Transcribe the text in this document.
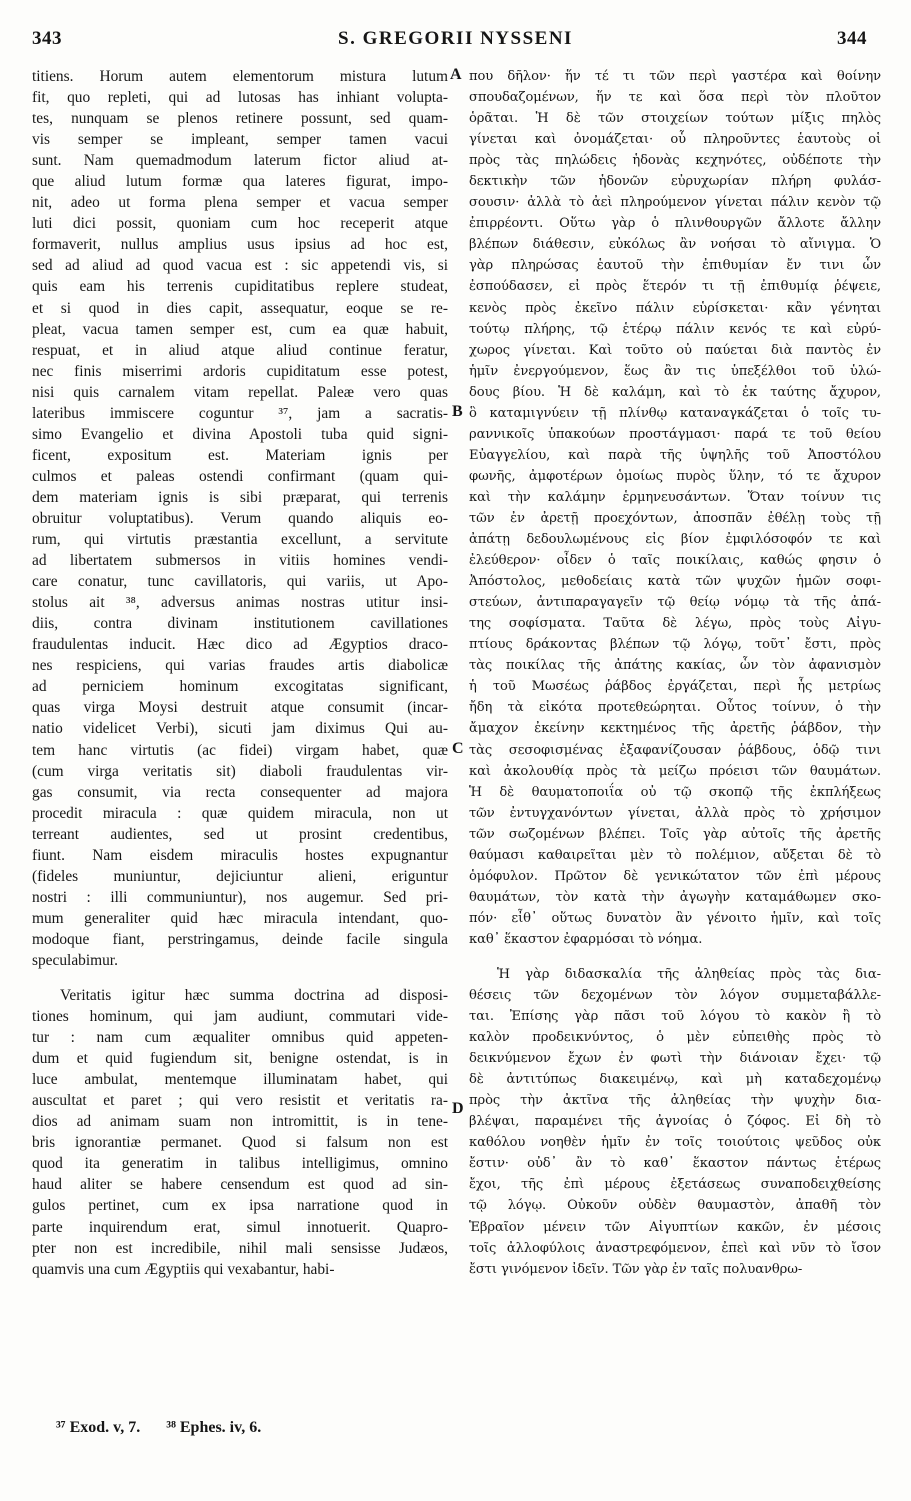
343	S. GREGORII NYSSENI	344
titiens. Horum autem elementorum mistura lutum
fit, quo repleti, qui ad lutosas has inhiant volupta-
tes, nunquam se plenos retinere possunt, sed quam-
vis semper se impleant, semper tamen vacui
sunt. Nam quemadmodum laterum fictor aliud at-
que aliud lutum formæ qua lateres figurat, impo-
nit, adeo ut forma plena semper et vacua semper
luti dici possit, quoniam cum hoc receperit atque
formaverit, nullus amplius usus ipsius ad hoc est,
sed ad aliud ad quod vacua est : sic appetendi vis, si
quis eam his terrenis cupiditatibus replere studeat,
et si quod in dies capit, assequatur, eoque se re-
pleat, vacua tamen semper est, cum ea quæ habuit,
respuat, et in aliud atque aliud continue feratur,
nec finis miserrimi ardoris cupiditatum esse potest,
nisi quis carnalem vitam repellat. Paleæ vero quas
lateribus immiscere coguntur ³⁷, jam a sacratis-
simo Evangelio et divina Apostoli tuba quid signi-
ficent, expositum est. Materiam ignis per
culmos et paleas ostendi confirmant (quam qui-
dem materiam ignis is sibi præparat, qui terrenis
obruitur voluptatibus). Verum quando aliquis eo-
rum, qui virtutis præstantia excellunt, a servitute
ad libertatem submersos in vitiis homines vendi-
care conatur, tunc cavillatoris, qui variis, ut Apo-
stolus ait ³⁸, adversus animas nostras utitur insi-
diis, contra divinam institutionem cavillationes
fraudulentas inducit. Hæc dico ad Ægyptios draco-
nes respiciens, qui varias fraudes artis diabolicæ
ad perniciem hominum excogitatas significant,
quas virga Moysi destruit atque consumit (incar-
natio videlicet Verbi), sicuti jam diximus Qui au-
tem hanc virtutis (ac fidei) virgam habet, quæ
(cum virga veritatis sit) diaboli fraudulentas vir-
gas consumit, via recta consequenter ad majora
procedit miracula : quæ quidem miracula, non ut
terreant audientes, sed ut prosint credentibus,
fiunt. Nam eisdem miraculis hostes expugnantur
(fideles muniuntur, dejiciuntur alieni, eriguntur
nostri : illi communiuntur), nos augemur. Sed pri-
mum generaliter quid hæc miracula intendant, quo-
modoque fiant, perstringamus, deinde facile singula
speculabimur.
Veritatis igitur hæc summa doctrina ad disposi-
tiones hominum, qui jam audiunt, commutari vide-
tur : nam cum æqualiter omnibus quid appeten-
dum et quid fugiendum sit, benigne ostendat, is in
luce ambulat, mentemque illuminatam habet, qui
auscultat et paret ; qui vero resistit et veritatis ra-
dios ad animam suam non intromittit, is in tene-
bris ignorantiæ permanet. Quod si falsum non est
quod ita generatim in talibus intelligimus, omnino
haud aliter se habere censendum est quod ad sin-
gulos pertinet, cum ex ipsa narratione quod in
parte inquirendum erat, simul innotuerit. Quapro-
pter non est incredibile, nihil mali sensisse Judæos,
quamvis una cum Ægyptiis qui vexabantur, habi-
που δῆλον· ἥν τέ τι τῶν περὶ γαστέρα καὶ θοίνην
σπουδαζομένων, ἥν τε καὶ ὅσα περὶ τὸν πλοῦτον
ὁρᾶται. Ἡ δὲ τῶν στοιχείων τούτων μίξις πηλὸς
γίνεται καὶ ὀνομάζεται· οὗ πληροῦντες ἑαυτοὺς οἱ
πρὸς τὰς πηλώδεις ἡδονὰς κεχηνότες, οὐδέποτε τὴν
δεκτικὴν τῶν ἡδονῶν εὐρυχωρίαν πλήρη φυλάσ-
σουσιν· ἀλλὰ τὸ ἀεὶ πληρούμενον γίνεται πάλιν κενὸν τῷ
ἐπιρρέοντι. Οὕτω γὰρ ὁ πλινθουργῶν ἄλλοτε ἄλλην
βλέπων διάθεσιν, εὐκόλως ἂν νοήσαι τὸ αἴνιγμα. Ὁ
γὰρ πληρώσας ἑαυτοῦ τὴν ἐπιθυμίαν ἔν τινι ὧν
ἐσπούδασεν, εἰ πρὸς ἕτερόν τι τῇ ἐπιθυμίᾳ ῥέψειε,
κενὸς πρὸς ἐκεῖνο πάλιν εὑρίσκεται· κἂν γένηται
τούτῳ πλήρης, τῷ ἑτέρῳ πάλιν κενός τε καὶ εὐρύ-
χωρος γίνεται. Καὶ τοῦτο οὐ παύεται διὰ παντὸς ἐν
ἡμῖν ἐνεργούμενον, ἕως ἂν τις ὑπεξέλθοι τοῦ ὑλώ-
δους βίου. Ἡ δὲ καλάμη, καὶ τὸ ἐκ ταύτης ἄχυρον,
ὃ καταμιγνύειν τῇ πλίνθῳ καταναγκάζεται ὁ τοῖς τυ-
ραννικοῖς ὑπακούων προστάγμασι· παρά τε τοῦ θείου
Εὐαγγελίου, καὶ παρὰ τῆς ὑψηλῆς τοῦ Ἀποστόλου
φωνῆς, ἀμφοτέρων ὁμοίως πυρὸς ὕλην, τό τε ἄχυρον
καὶ τὴν καλάμην ἑρμηνευσάντων. Ὅταν τοίνυν τις
τῶν ἐν ἀρετῇ προεχόντων, ἀποσπᾶν ἐθέλῃ τοὺς τῇ
ἀπάτῃ δεδουλωμένους εἰς βίον ἐμφιλόσοφόν τε καὶ
ἐλεύθερον· οἶδεν ὁ ταῖς ποικίλαις, καθώς φησιν ὁ
Ἀπόστολος, μεθοδείαις κατὰ τῶν ψυχῶν ἡμῶν σοφι-
στεύων, ἀντιπαραγαγεῖν τῷ θείῳ νόμῳ τὰ τῆς ἀπά-
της σοφίσματα. Ταῦτα δὲ λέγω, πρὸς τοὺς Αἰγυ-
πτίους δράκοντας βλέπων τῷ λόγῳ, τοῦτ᾽ ἔστι, πρὸς
τὰς ποικίλας τῆς ἀπάτης κακίας, ὧν τὸν ἀφανισμὸν
ἡ τοῦ Μωσέως ῥάβδος ἐργάζεται, περὶ ἧς μετρίως
ἤδη τὰ εἰκότα προτεθεώρηται. Οὗτος τοίνυν, ὁ τὴν
ἄμαχον ἐκείνην κεκτημένος τῆς ἀρετῆς ῥάβδον, τὴν
τὰς σεσοφισμένας ἐξαφανίζουσαν ῥάβδους, ὁδῷ τινι
καὶ ἀκολουθίᾳ πρὸς τὰ μείζω πρόεισι τῶν θαυμάτων.
Ἡ δὲ θαυματοποιΐα οὐ τῷ σκοπῷ τῆς ἐκπλήξεως
τῶν ἐντυγχανόντων γίνεται, ἀλλὰ πρὸς τὸ χρήσιμον
τῶν σωζομένων βλέπει. Τοῖς γὰρ αὐτοῖς τῆς ἀρετῆς
θαύμασι καθαιρεῖται μὲν τὸ πολέμιον, αὔξεται δὲ τὸ
ὁμόφυλον. Πρῶτον δὲ γενικώτατον τῶν ἐπὶ μέρους
θαυμάτων, τὸν κατὰ τὴν ἀγωγὴν καταμάθωμεν σκο-
πόν· εἶθ᾽ οὕτως δυνατὸν ἂν γένοιτο ἡμῖν, καὶ τοῖς
καθ᾽ ἕκαστον ἐφαρμόσαι τὸ νόημα.
Ἡ γὰρ διδασκαλία τῆς ἀληθείας πρὸς τὰς δια-
θέσεις τῶν δεχομένων τὸν λόγον συμμεταβάλλε-
ται. Ἐπίσης γὰρ πᾶσι τοῦ λόγου τὸ κακὸν ἢ τὸ
καλὸν προδεικνύντος, ὁ μὲν εὐπειθὴς πρὸς τὸ
δεικνύμενον ἔχων ἐν φωτὶ τὴν διάνοιαν ἔχει· τῷ
δὲ ἀντιτύπως διακειμένῳ, καὶ μὴ καταδεχομένῳ
πρὸς τὴν ἀκτῖνα τῆς ἀληθείας τὴν ψυχὴν δια-
βλέψαι, παραμένει τῆς ἀγνοίας ὁ ζόφος. Εἰ δὴ τὸ
καθόλου νοηθὲν ἡμῖν ἐν τοῖς τοιούτοις ψεῦδος οὐκ
ἔστιν· οὐδ᾽ ἂν τὸ καθ᾽ ἕκαστον πάντως ἑτέρως
ἔχοι, τῆς ἐπὶ μέρους ἐξετάσεως συναποδειχθείσης
τῷ λόγῳ. Οὐκοῦν οὐδὲν θαυμαστὸν, ἀπαθῆ τὸν
Ἑβραῖον μένειν τῶν Αἰγυπτίων κακῶν, ἐν μέσοις
τοῖς ἀλλοφύλοις ἀναστρεφόμενον, ἐπεὶ καὶ νῦν τὸ ἴσον
ἔστι γινόμενον ἰδεῖν. Τῶν γὰρ ἐν ταῖς πολυανθρω-
A
B
C
D
³⁷ Exod. v, 7. ³⁸ Ephes. iv, 6.
